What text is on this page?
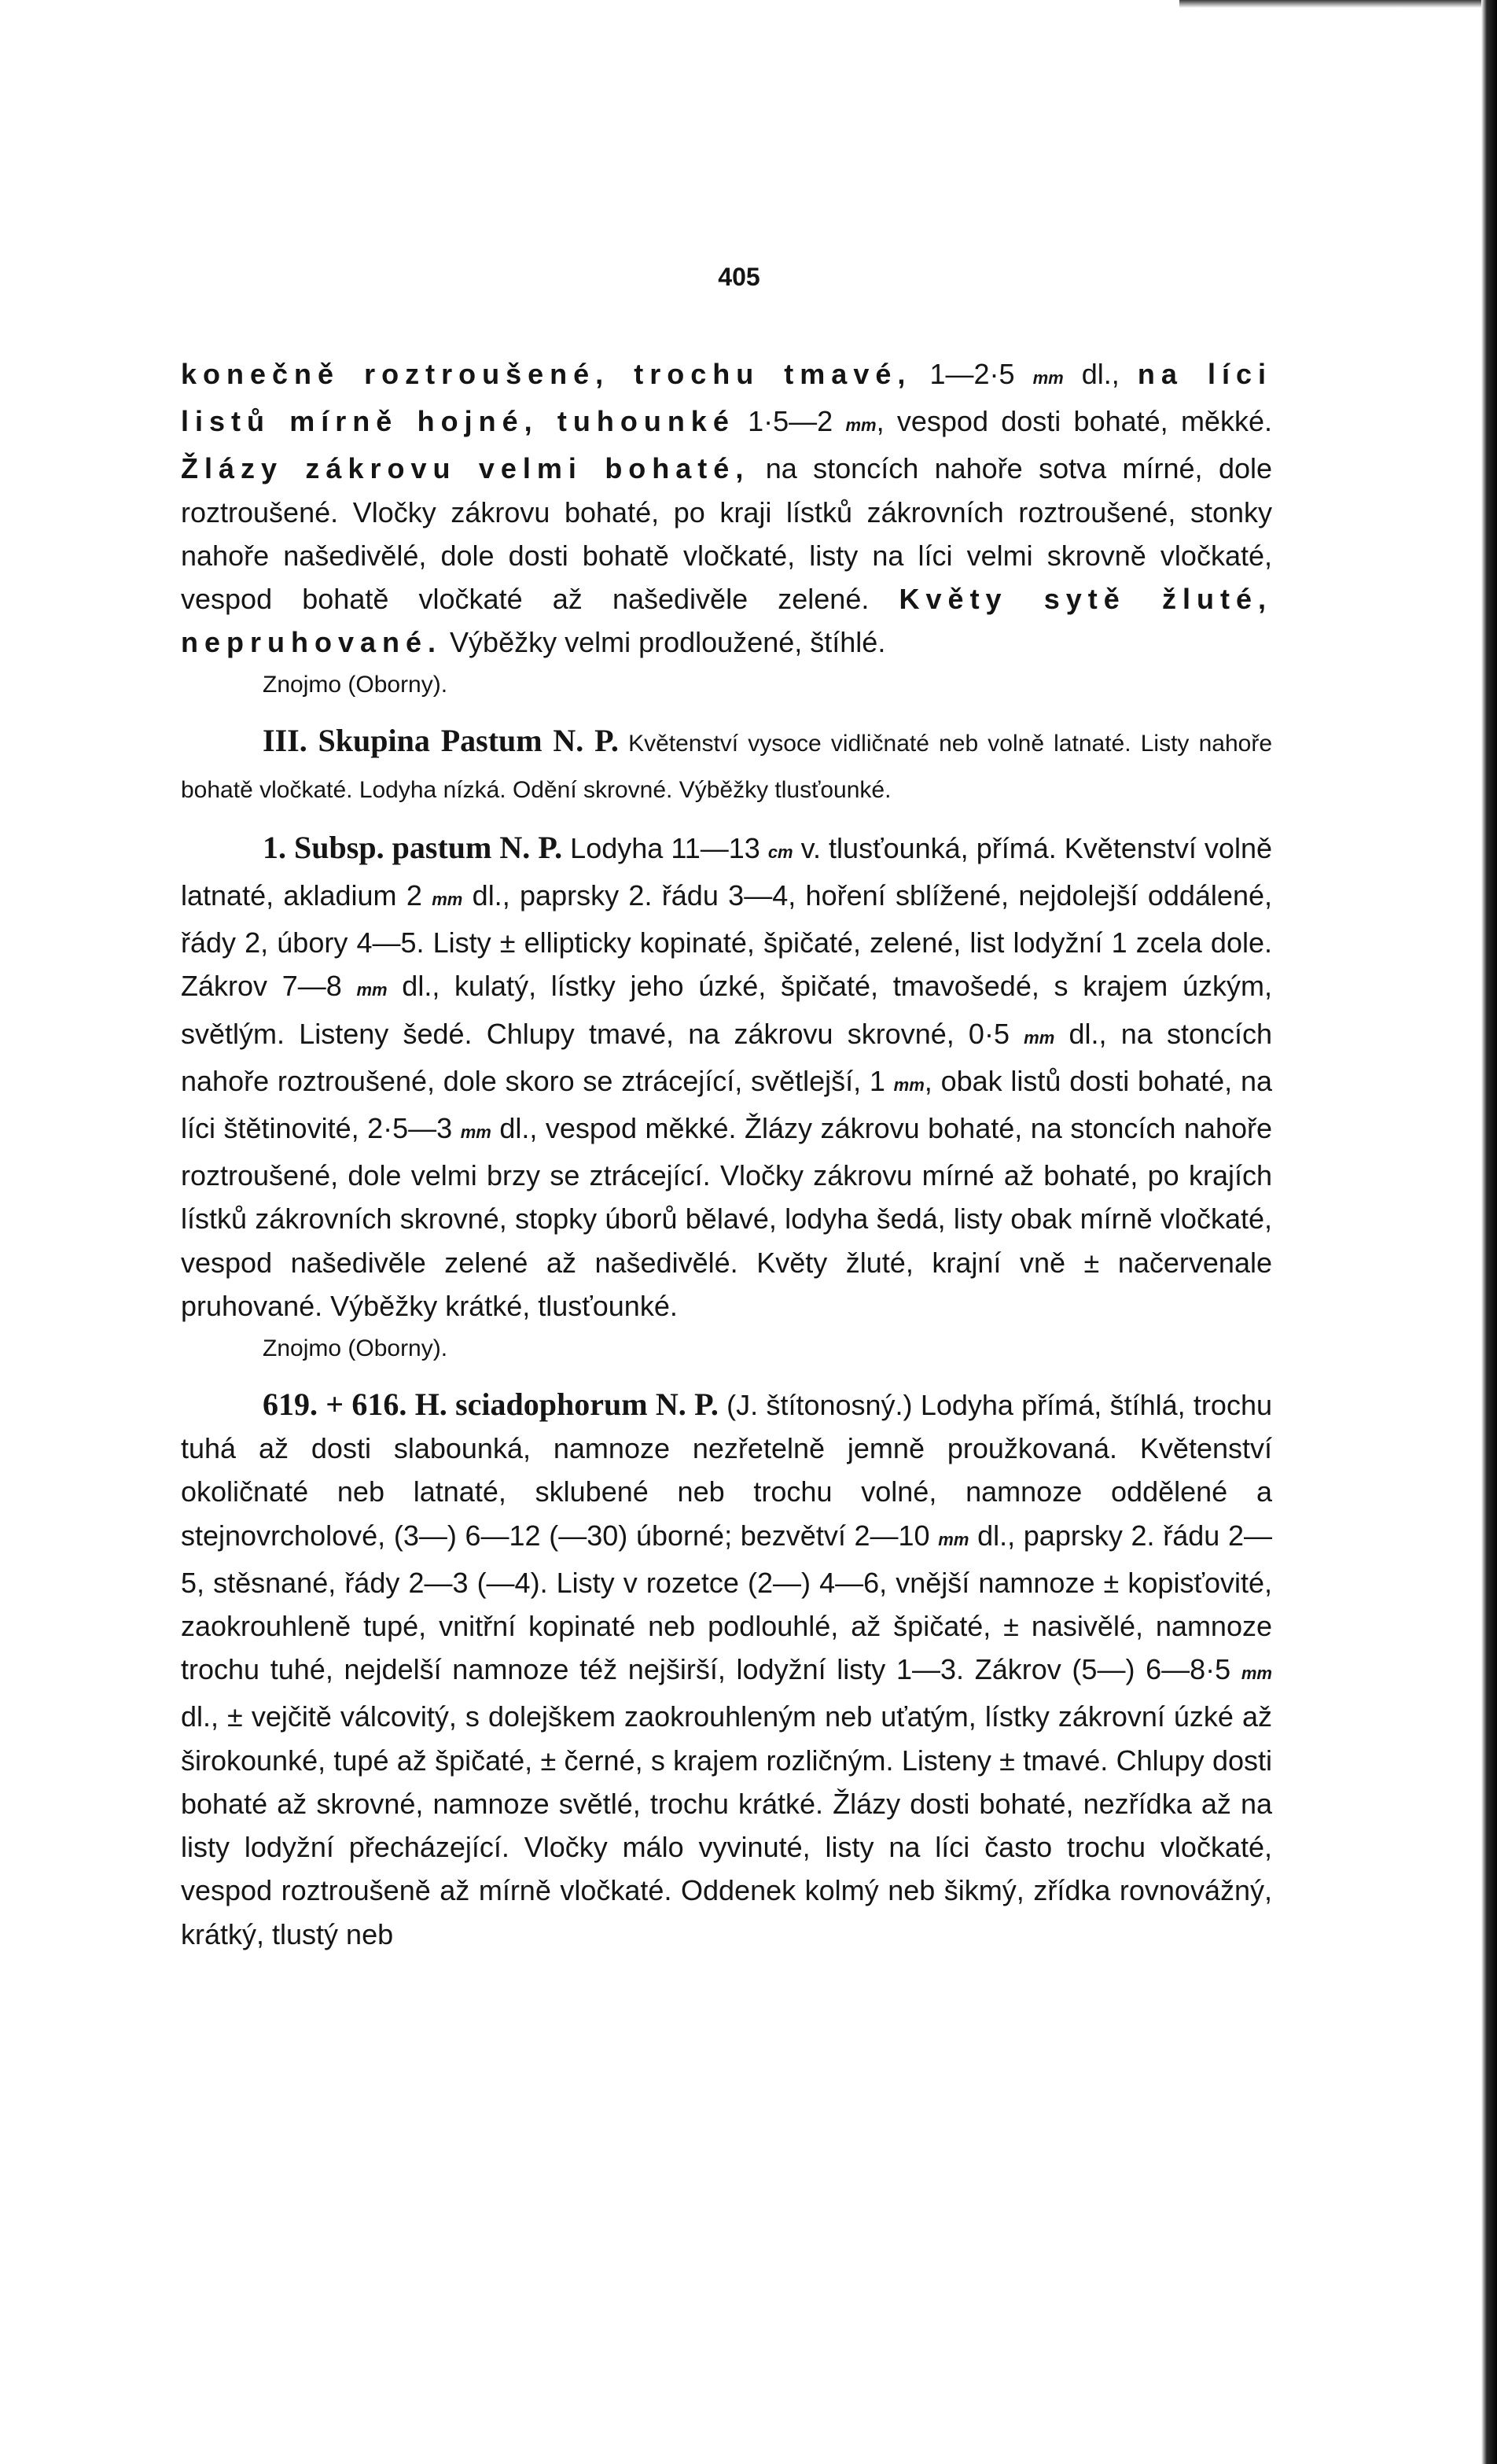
405

konečně roztroušené, trochu tmavé, 1—2·5 mm dl., na líci listů mírně hojné, tuhounké 1·5—2 mm, vespod dosti bohaté, měkké. Žlázy zákrovu velmi bohaté, na stoncích nahoře sotva mírné, dole roztroušené. Vločky zákrovu bohaté, po kraji lístků zákrovních roztroušené, stonky nahoře našedivělé, dole dosti bohatě vločkaté, listy na líci velmi skrovně vločkaté, vespod bohatě vločkaté až našedivěle zelené. Květy sytě žluté, nepruhované. Výběžky velmi prodloužené, štíhlé.

Znojmo (Oborny).

III. Skupina Pastum N. P. Květenství vysoce vidličnaté neb volně latnaté. Listy nahoře bohatě vločkaté. Lodyha nízká. Odění skrovné. Výběžky tlusťounké.

1. Subsp. pastum N. P. Lodyha 11—13 cm v. tlusťounká, přímá. Květenství volně latnaté, akladium 2 mm dl., paprsky 2. řádu 3—4, hoření sblížené, nejdolejší oddálené, řády 2, úbory 4—5. Listy ± ellipticky kopinaté, špičaté, zelené, list lodyžní 1 zcela dole. Zákrov 7—8 mm dl., kulatý, lístky jeho úzké, špičaté, tmavošedé, s krajem úzkým, světlým. Listeny šedé. Chlupy tmavé, na zákrovu skrovné, 0·5 mm dl., na stoncích nahoře roztroušené, dole skoro se ztrácející, světlejší, 1 mm, obak listů dosti bohaté, na líci štětinovité, 2·5—3 mm dl., vespod měkké. Žlázy zákrovu bohaté, na stoncích nahoře roztroušené, dole velmi brzy se ztrácející. Vločky zákrovu mírné až bohaté, po krajích lístků zákrovních skrovné, stopky úborů bělavé, lodyha šedá, listy obak mírně vločkaté, vespod našedivěle zelené až našedivělé. Květy žluté, krajní vně ± načervenale pruhované. Výběžky krátké, tlusťounké.

Znojmo (Oborny).

619. + 616. H. sciadophorum N. P. (J. štítonosný.) Lodyha přímá, štíhlá, trochu tuhá až dosti slabounká, namnoze nezřetelně jemně proužkovaná. Květenství okoličnaté neb latnaté, sklubené neb trochu volné, namnoze oddělené a stejnovrcholové, (3—) 6—12 (—30) úborné; bezvětví 2—10 mm dl., paprsky 2. řádu 2—5, stěsnané, řády 2—3 (—4). Listy v rozetce (2—) 4—6, vnější namnoze ± kopisťovité, zaokrouhleně tupé, vnitřní kopinaté neb podlouhlé, až špičaté, ± nasivělé, namnoze trochu tuhé, nejdelší namnoze též nejširší, lodyžní listy 1—3. Zákrov (5—) 6—8·5 mm dl., ± vejčitě válcovitý, s dolejškem zaokrouhleným neb uťatým, lístky zákrovní úzké až širokounké, tupé až špičaté, ± černé, s krajem rozličným. Listeny ± tmavé. Chlupy dosti bohaté až skrovné, namnoze světlé, trochu krátké. Žlázy dosti bohaté, nezřídka až na listy lodyžní přecházející. Vločky málo vyvinuté, listy na líci často trochu vločkaté, vespod roztroušeně až mírně vločkaté. Oddenek kolmý neb šikmý, zřídka rovnovážný, krátký, tlustý neb
